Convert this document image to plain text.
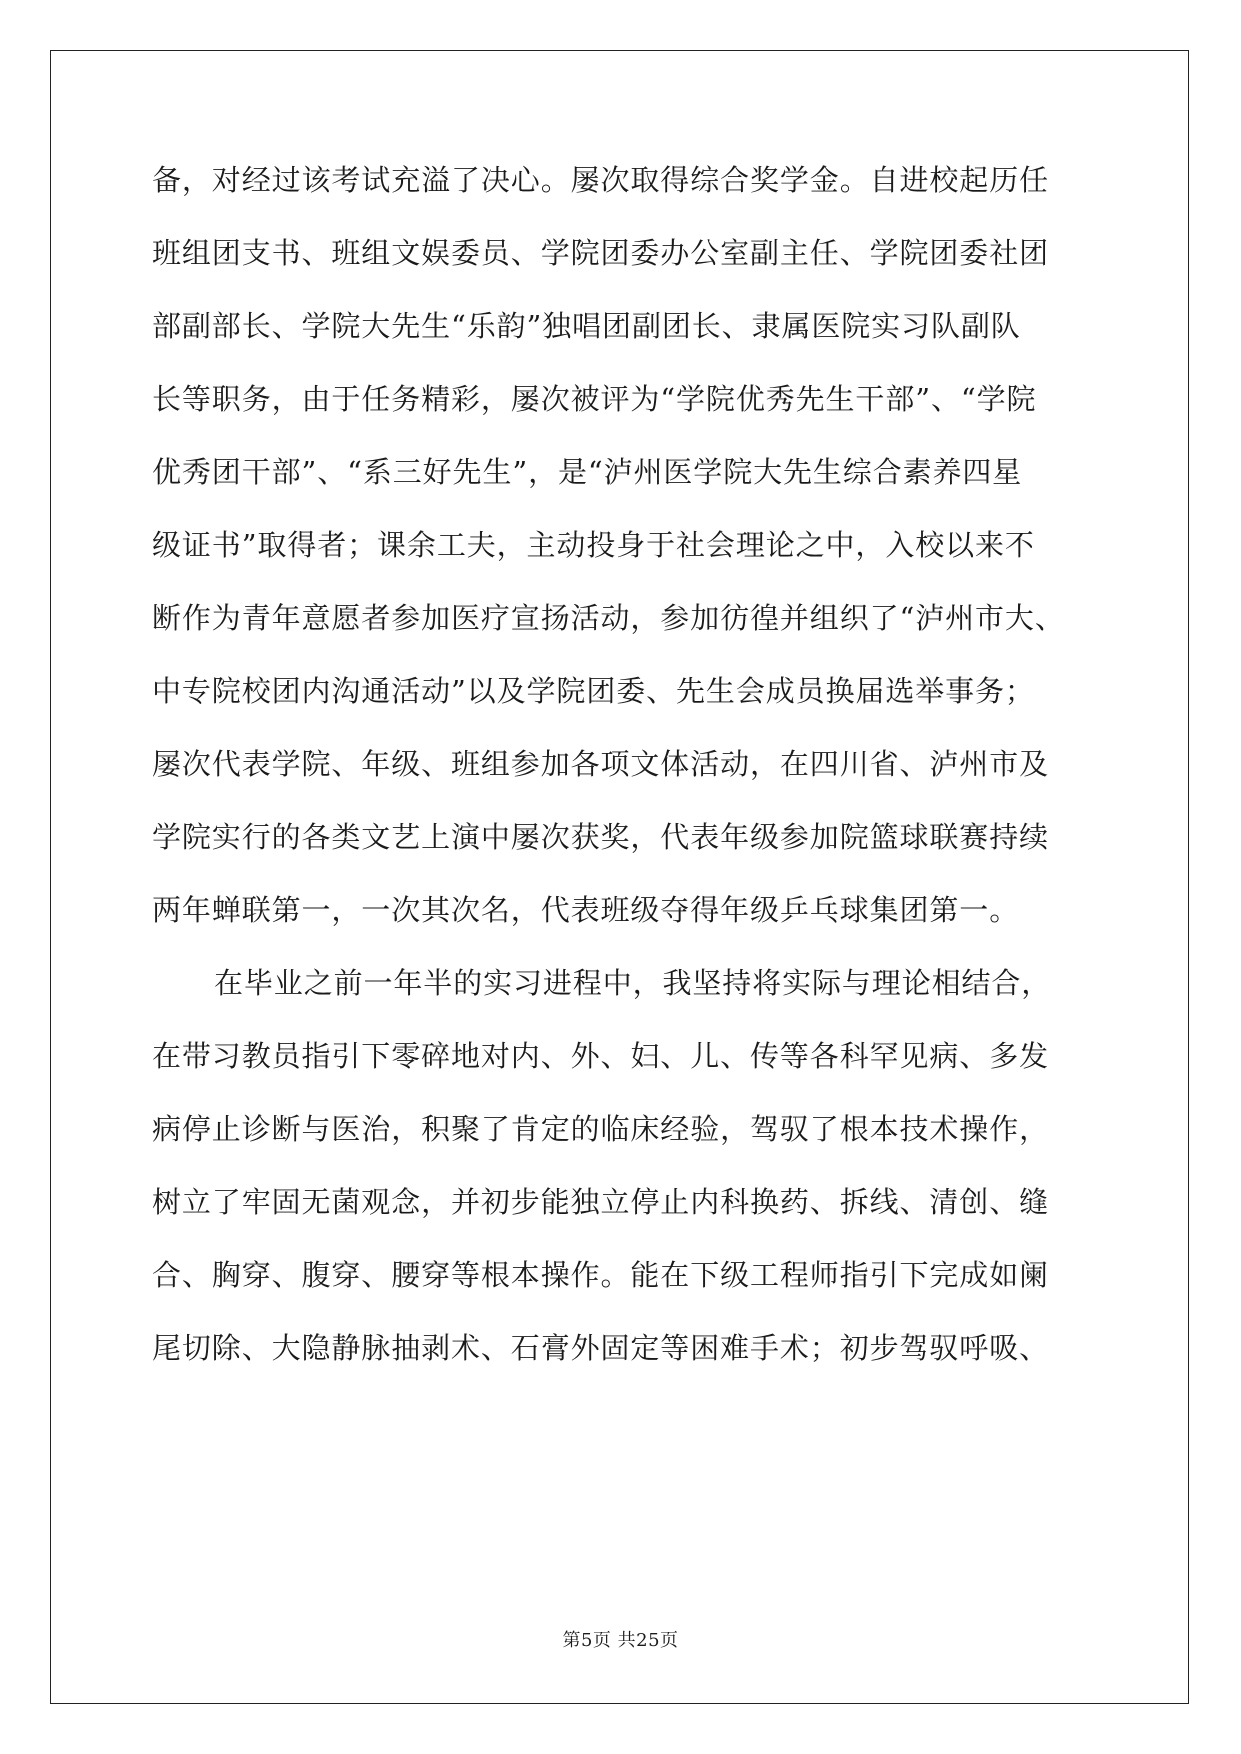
备，对经过该考试充溢了决心。屡次取得综合奖学金。自进校起历任
班组团支书、班组文娱委员、学院团委办公室副主任、学院团委社团
部副部长、学院大先生“乐韵”独唱团副团长、隶属医院实习队副队
长等职务，由于任务精彩，屡次被评为“学院优秀先生干部”、“学院
优秀团干部”、“系三好先生”，是“泸州医学院大先生综合素养四星
级证书”取得者；课余工夫，主动投身于社会理论之中，入校以来不
断作为青年意愿者参加医疗宣扬活动，参加彷徨并组织了“泸州市大、
中专院校团内沟通活动”以及学院团委、先生会成员换届选举事务；
屡次代表学院、年级、班组参加各项文体活动，在四川省、泸州市及
学院实行的各类文艺上演中屡次获奖，代表年级参加院篮球联赛持续
两年蝉联第一，一次其次名，代表班级夺得年级乒乓球集团第一。
在毕业之前一年半的实习进程中，我坚持将实际与理论相结合，
在带习教员指引下零碎地对内、外、妇、儿、传等各科罕见病、多发
病停止诊断与医治，积聚了肯定的临床经验，驾驭了根本技术操作，
树立了牢固无菌观念，并初步能独立停止内科换药、拆线、清创、缝
合、胸穿、腹穿、腰穿等根本操作。能在下级工程师指引下完成如阑
尾切除、大隐静脉抽剥术、石膏外固定等困难手术；初步驾驭呼吸、
第5页 共25页
